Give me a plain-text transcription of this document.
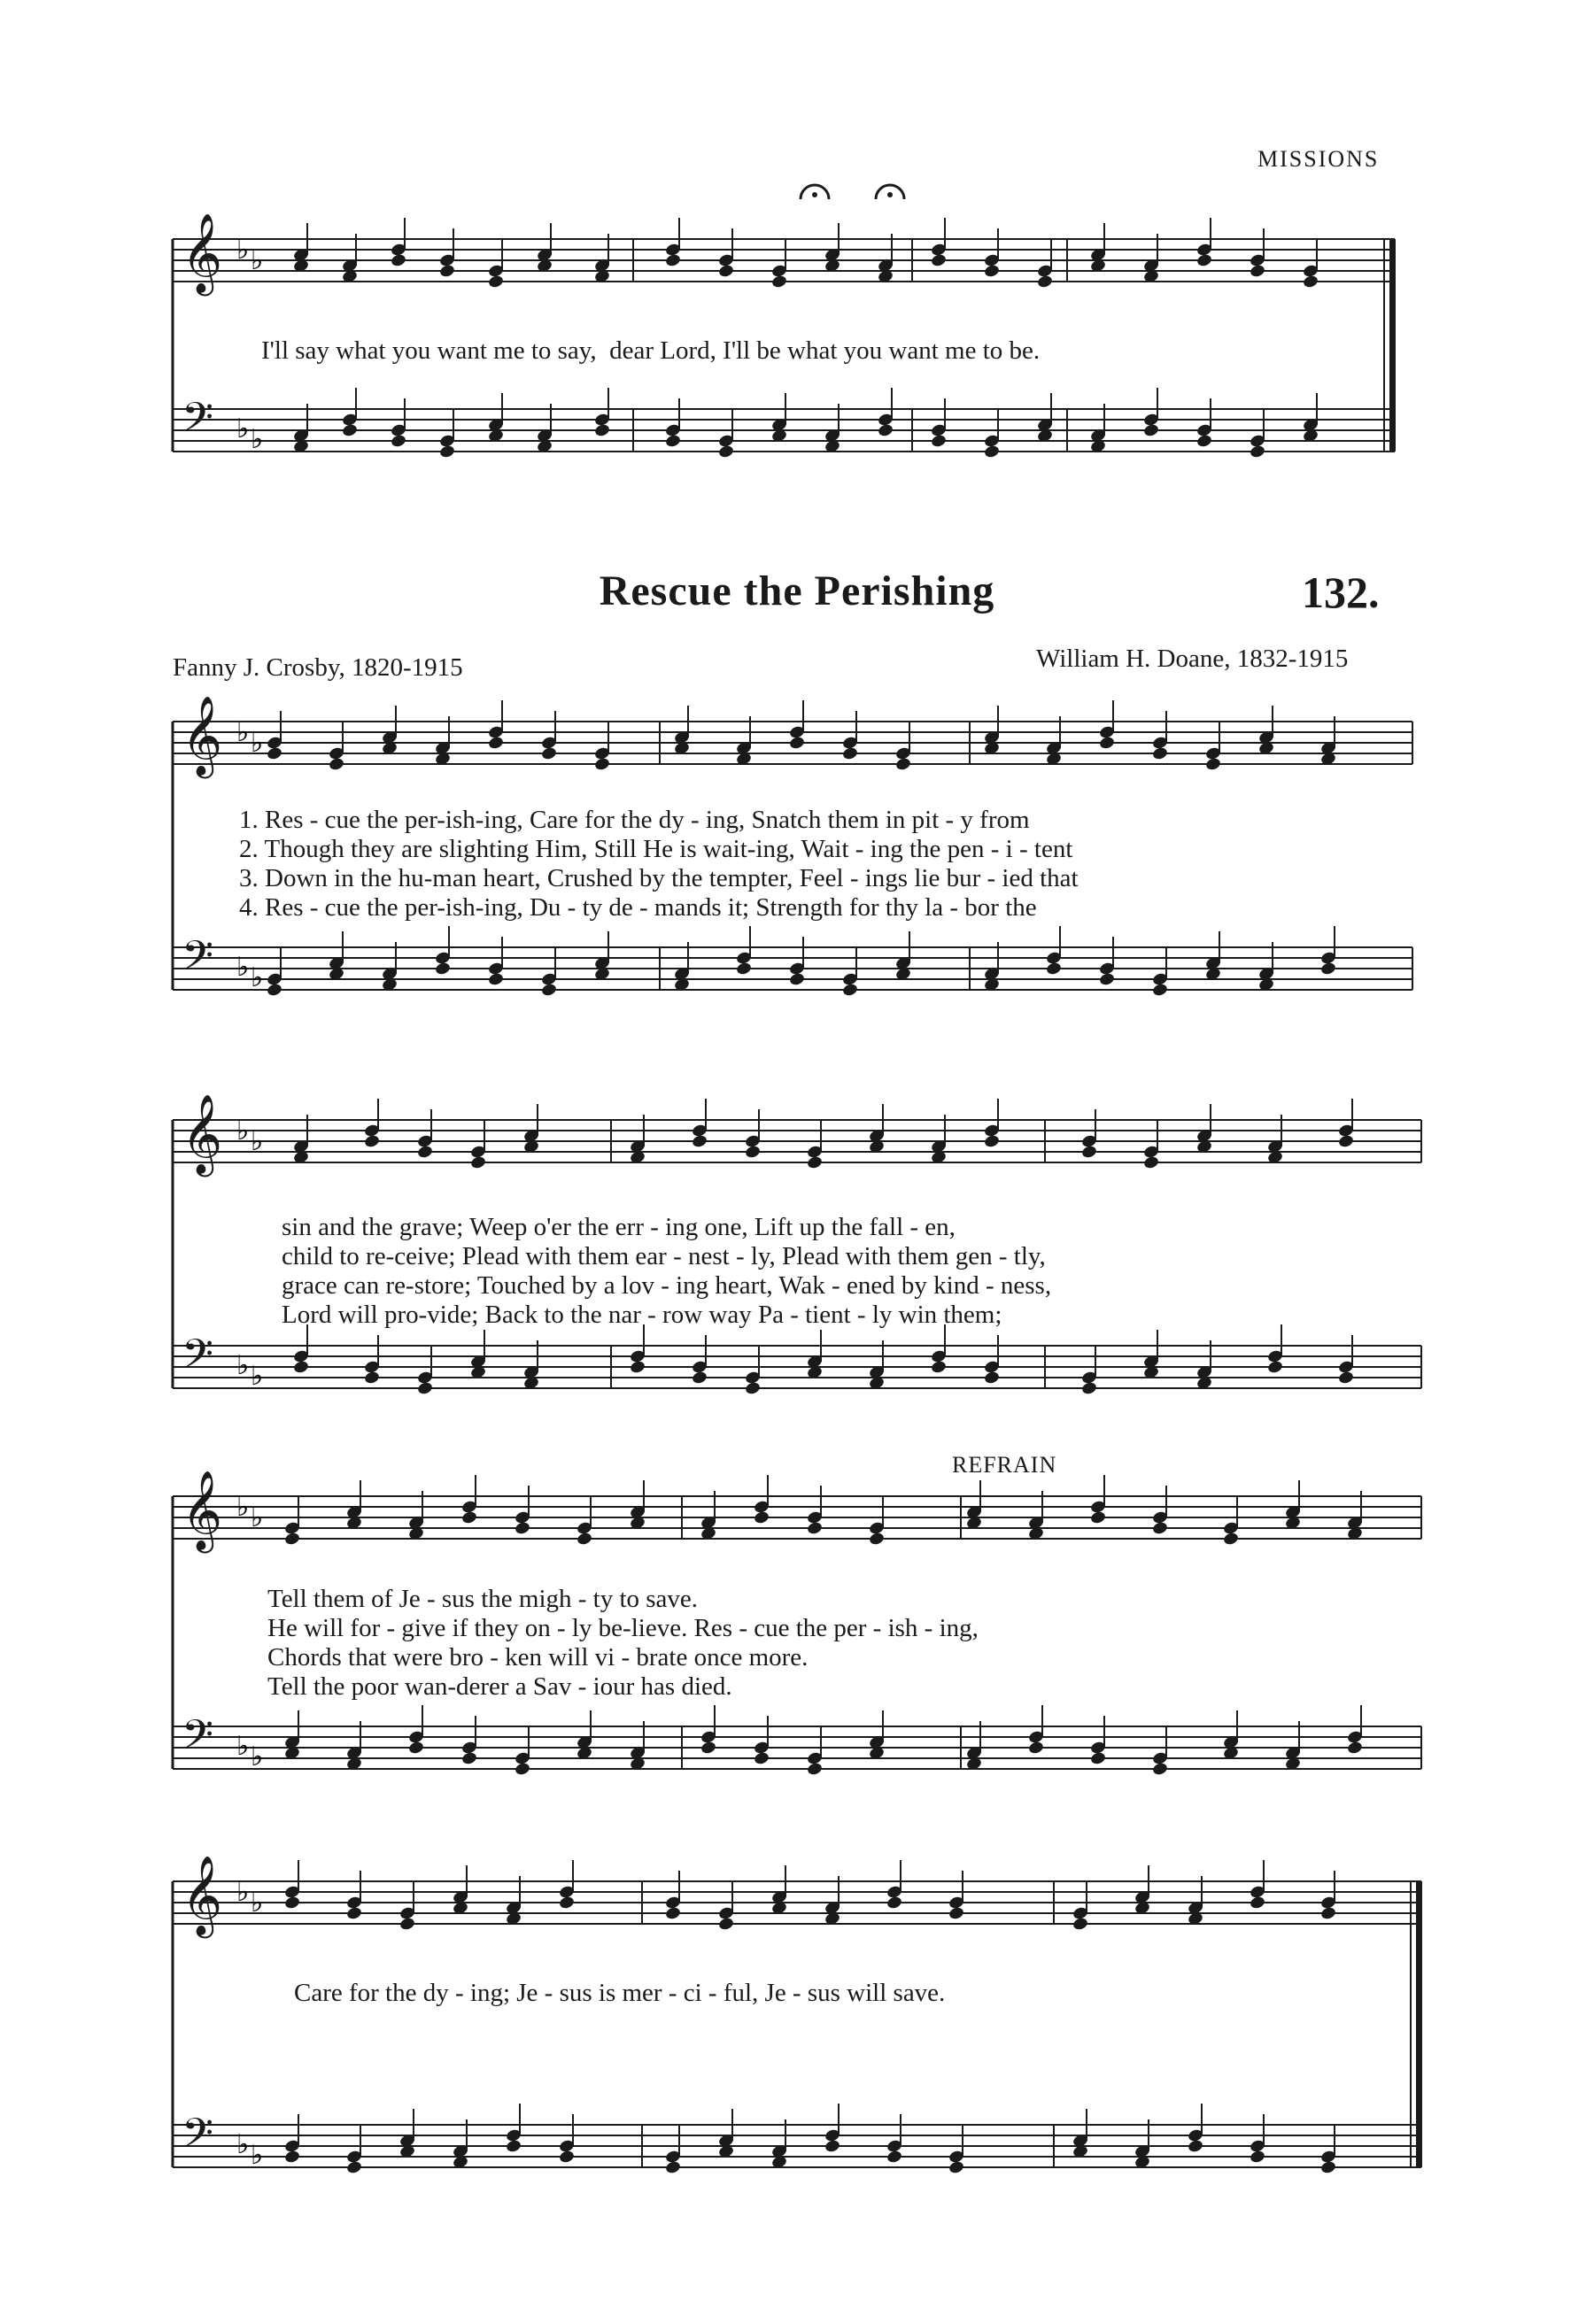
MISSIONS
𝄞
𝄢
♭ ♭
♭ ♭
𝄞
𝄢
♭ ♭
♭ ♭
𝄞
𝄢
♭ ♭
♭ ♭
𝄞
𝄢
♭ ♭
♭ ♭
𝄞
𝄢
♭ ♭
♭ ♭
I'll say what you want me to say,  dear Lord, I'll be what you want me to be.
Rescue the Perishing	132.
Fanny J. Crosby, 1820-1915	William H. Doane, 1832-1915
1. Res - cue the per-ish-ing, Care for the dy - ing, Snatch them in pit - y from
2. Though they are slighting Him, Still He is wait-ing, Wait - ing the pen - i - tent
3. Down in the hu-man heart, Crushed by the tempter, Feel - ings lie bur - ied that
4. Res - cue the per-ish-ing, Du - ty de - mands it; Strength for thy la - bor the
sin and the grave; Weep o'er the err - ing one, Lift up the fall - en,
child to re-ceive; Plead with them ear - nest - ly, Plead with them gen - tly,
grace can re-store; Touched by a lov - ing heart, Wak - ened by kind - ness,
Lord will pro-vide; Back to the nar - row way Pa - tient - ly win them;
REFRAIN
Tell them of Je - sus the migh - ty to save.
He will for - give if they on - ly be-lieve. Res - cue the per - ish - ing,
Chords that were bro - ken will vi - brate once more.
Tell the poor wan-derer a Sav - iour has died.
Care for the dy - ing; Je - sus is mer - ci - ful, Je - sus will save.
